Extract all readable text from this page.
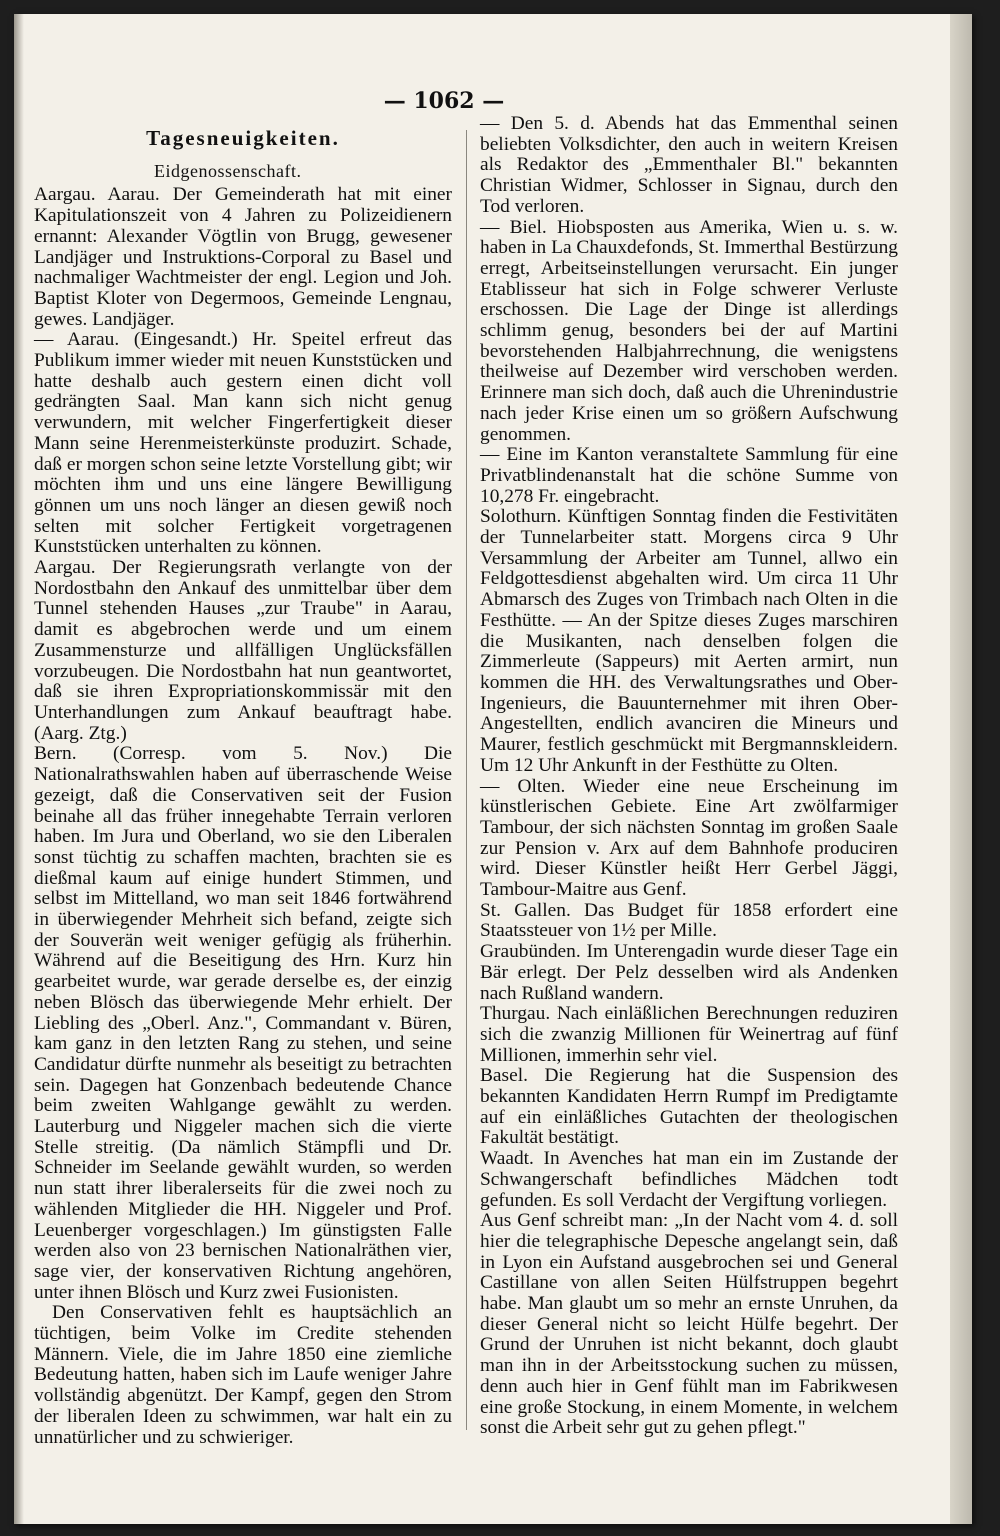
— 1062 —
Tagesneuigkeiten.
Eidgenossenschaft.

Aargau. Aarau. Der Gemeinderath hat mit einer Kapitulationszeit von 4 Jahren zu Polizeidienern ernannt: Alexander Vögtlin von Brugg, gewesener Landjäger und Instruktions-Corporal zu Basel und nachmaliger Wachtmeister der engl. Legion und Joh. Baptist Kloter von Degermoos, Gemeinde Lengnau, gewes. Landjäger.

— Aarau. (Eingesandt.) Hr. Speitel erfreut das Publikum immer wieder mit neuen Kunststücken und hatte deshalb auch gestern einen dicht voll gedrängten Saal. Man kann sich nicht genug verwundern, mit welcher Fingerfertigkeit dieser Mann seine Herenmeisterkünste produzirt. Schade, daß er morgen schon seine letzte Vorstellung gibt; wir möchten ihm und uns eine längere Bewilligung gönnen um uns noch länger an diesen gewiß noch selten mit solcher Fertigkeit vorgetragenen Kunststücken unterhalten zu können.

Aargau. Der Regierungsrath verlangte von der Nordostbahn den Ankauf des unmittelbar über dem Tunnel stehenden Hauses „zur Traube" in Aarau, damit es abgebrochen werde und um einem Zusammensturze und allfälligen Unglücksfällen vorzubeugen. Die Nordostbahn hat nun geantwortet, daß sie ihren Expropriationskommissär mit den Unterhandlungen zum Ankauf beauftragt habe. (Aarg. Ztg.)

Bern. (Corresp. vom 5. Nov.) Die Nationalrathswahlen haben auf überraschende Weise gezeigt, daß die Conservativen seit der Fusion beinahe all das früher innegehabte Terrain verloren haben. Im Jura und Oberland, wo sie den Liberalen sonst tüchtig zu schaffen machten, brachten sie es dießmal kaum auf einige hundert Stimmen, und selbst im Mittelland, wo man seit 1846 fortwährend in überwiegender Mehrheit sich befand, zeigte sich der Souverän weit weniger gefügig als früherhin. Während auf die Beseitigung des Hrn. Kurz hin gearbeitet wurde, war gerade derselbe es, der einzig neben Blösch das überwiegende Mehr erhielt. Der Liebling des „Oberl. Anz.", Commandant v. Büren, kam ganz in den letzten Rang zu stehen, und seine Candidatur dürfte nunmehr als beseitigt zu betrachten sein. Dagegen hat Gonzenbach bedeutende Chance beim zweiten Wahlgange gewählt zu werden. Lauterburg und Niggeler machen sich die vierte Stelle streitig. (Da nämlich Stämpfli und Dr. Schneider im Seelande gewählt wurden, so werden nun statt ihrer liberalerseits für die zwei noch zu wählenden Mitglieder die HH. Niggeler und Prof. Leuenberger vorgeschlagen.) Im günstigsten Falle werden also von 23 bernischen Nationalräthen vier, sage vier, der konservativen Richtung angehören, unter ihnen Blösch und Kurz zwei Fusionisten.

Den Conservativen fehlt es hauptsächlich an tüchtigen, beim Volke im Credite stehenden Männern. Viele, die im Jahre 1850 eine ziemliche Bedeutung hatten, haben sich im Laufe weniger Jahre vollständig abgenützt. Der Kampf, gegen den Strom der liberalen Ideen zu schwimmen, war halt ein zu unnatürlicher und zu schwieriger.

— Den 5. d. Abends hat das Emmenthal seinen beliebten Volksdichter, den auch in weitern Kreisen als Redaktor des „Emmenthaler Bl." bekannten Christian Widmer, Schlosser in Signau, durch den Tod verloren.

— Biel. Hiobsposten aus Amerika, Wien u. s. w. haben in La Chauxdefonds, St. Immerthal Bestürzung erregt, Arbeitseinstellungen verursacht. Ein junger Etablisseur hat sich in Folge schwerer Verluste erschossen. Die Lage der Dinge ist allerdings schlimm genug, besonders bei der auf Martini bevorstehenden Halbjahrrechnung, die wenigstens theilweise auf Dezember wird verschoben werden. Erinnere man sich doch, daß auch die Uhrenindustrie nach jeder Krise einen um so größern Aufschwung genommen.

— Eine im Kanton veranstaltete Sammlung für eine Privatblindenanstalt hat die schöne Summe von 10,278 Fr. eingebracht.

Solothurn. Künftigen Sonntag finden die Festivitäten der Tunnelarbeiter statt. Morgens circa 9 Uhr Versammlung der Arbeiter am Tunnel, allwo ein Feldgottesdienst abgehalten wird. Um circa 11 Uhr Abmarsch des Zuges von Trimbach nach Olten in die Festhütte. — An der Spitze dieses Zuges marschiren die Musikanten, nach denselben folgen die Zimmerleute (Sappeurs) mit Aerten armirt, nun kommen die HH. des Verwaltungsrathes und Ober-Ingenieurs, die Bauunternehmer mit ihren Ober-Angestellten, endlich avanciren die Mineurs und Maurer, festlich geschmückt mit Bergmannskleidern. Um 12 Uhr Ankunft in der Festhütte zu Olten.

— Olten. Wieder eine neue Erscheinung im künstlerischen Gebiete. Eine Art zwölfarmiger Tambour, der sich nächsten Sonntag im großen Saale zur Pension v. Arx auf dem Bahnhofe produciren wird. Dieser Künstler heißt Herr Gerbel Jäggi, Tambour-Maitre aus Genf.

St. Gallen. Das Budget für 1858 erfordert eine Staatssteuer von 1½ per Mille.

Graubünden. Im Unterengadin wurde dieser Tage ein Bär erlegt. Der Pelz desselben wird als Andenken nach Rußland wandern.

Thurgau. Nach einläßlichen Berechnungen reduziren sich die zwanzig Millionen für Weinertrag auf fünf Millionen, immerhin sehr viel.

Basel. Die Regierung hat die Suspension des bekannten Kandidaten Herrn Rumpf im Predigtamte auf ein einläßliches Gutachten der theologischen Fakultät bestätigt.

Waadt. In Avenches hat man ein im Zustande der Schwangerschaft befindliches Mädchen todt gefunden. Es soll Verdacht der Vergiftung vorliegen.

Aus Genf schreibt man: „In der Nacht vom 4. d. soll hier die telegraphische Depesche angelangt sein, daß in Lyon ein Aufstand ausgebrochen sei und General Castillane von allen Seiten Hülfstruppen begehrt habe. Man glaubt um so mehr an ernste Unruhen, da dieser General nicht so leicht Hülfe begehrt. Der Grund der Unruhen ist nicht bekannt, doch glaubt man ihn in der Arbeitsstockung suchen zu müssen, denn auch hier in Genf fühlt man im Fabrikwesen eine große Stockung, in einem Momente, in welchem sonst die Arbeit sehr gut zu gehen pflegt."
